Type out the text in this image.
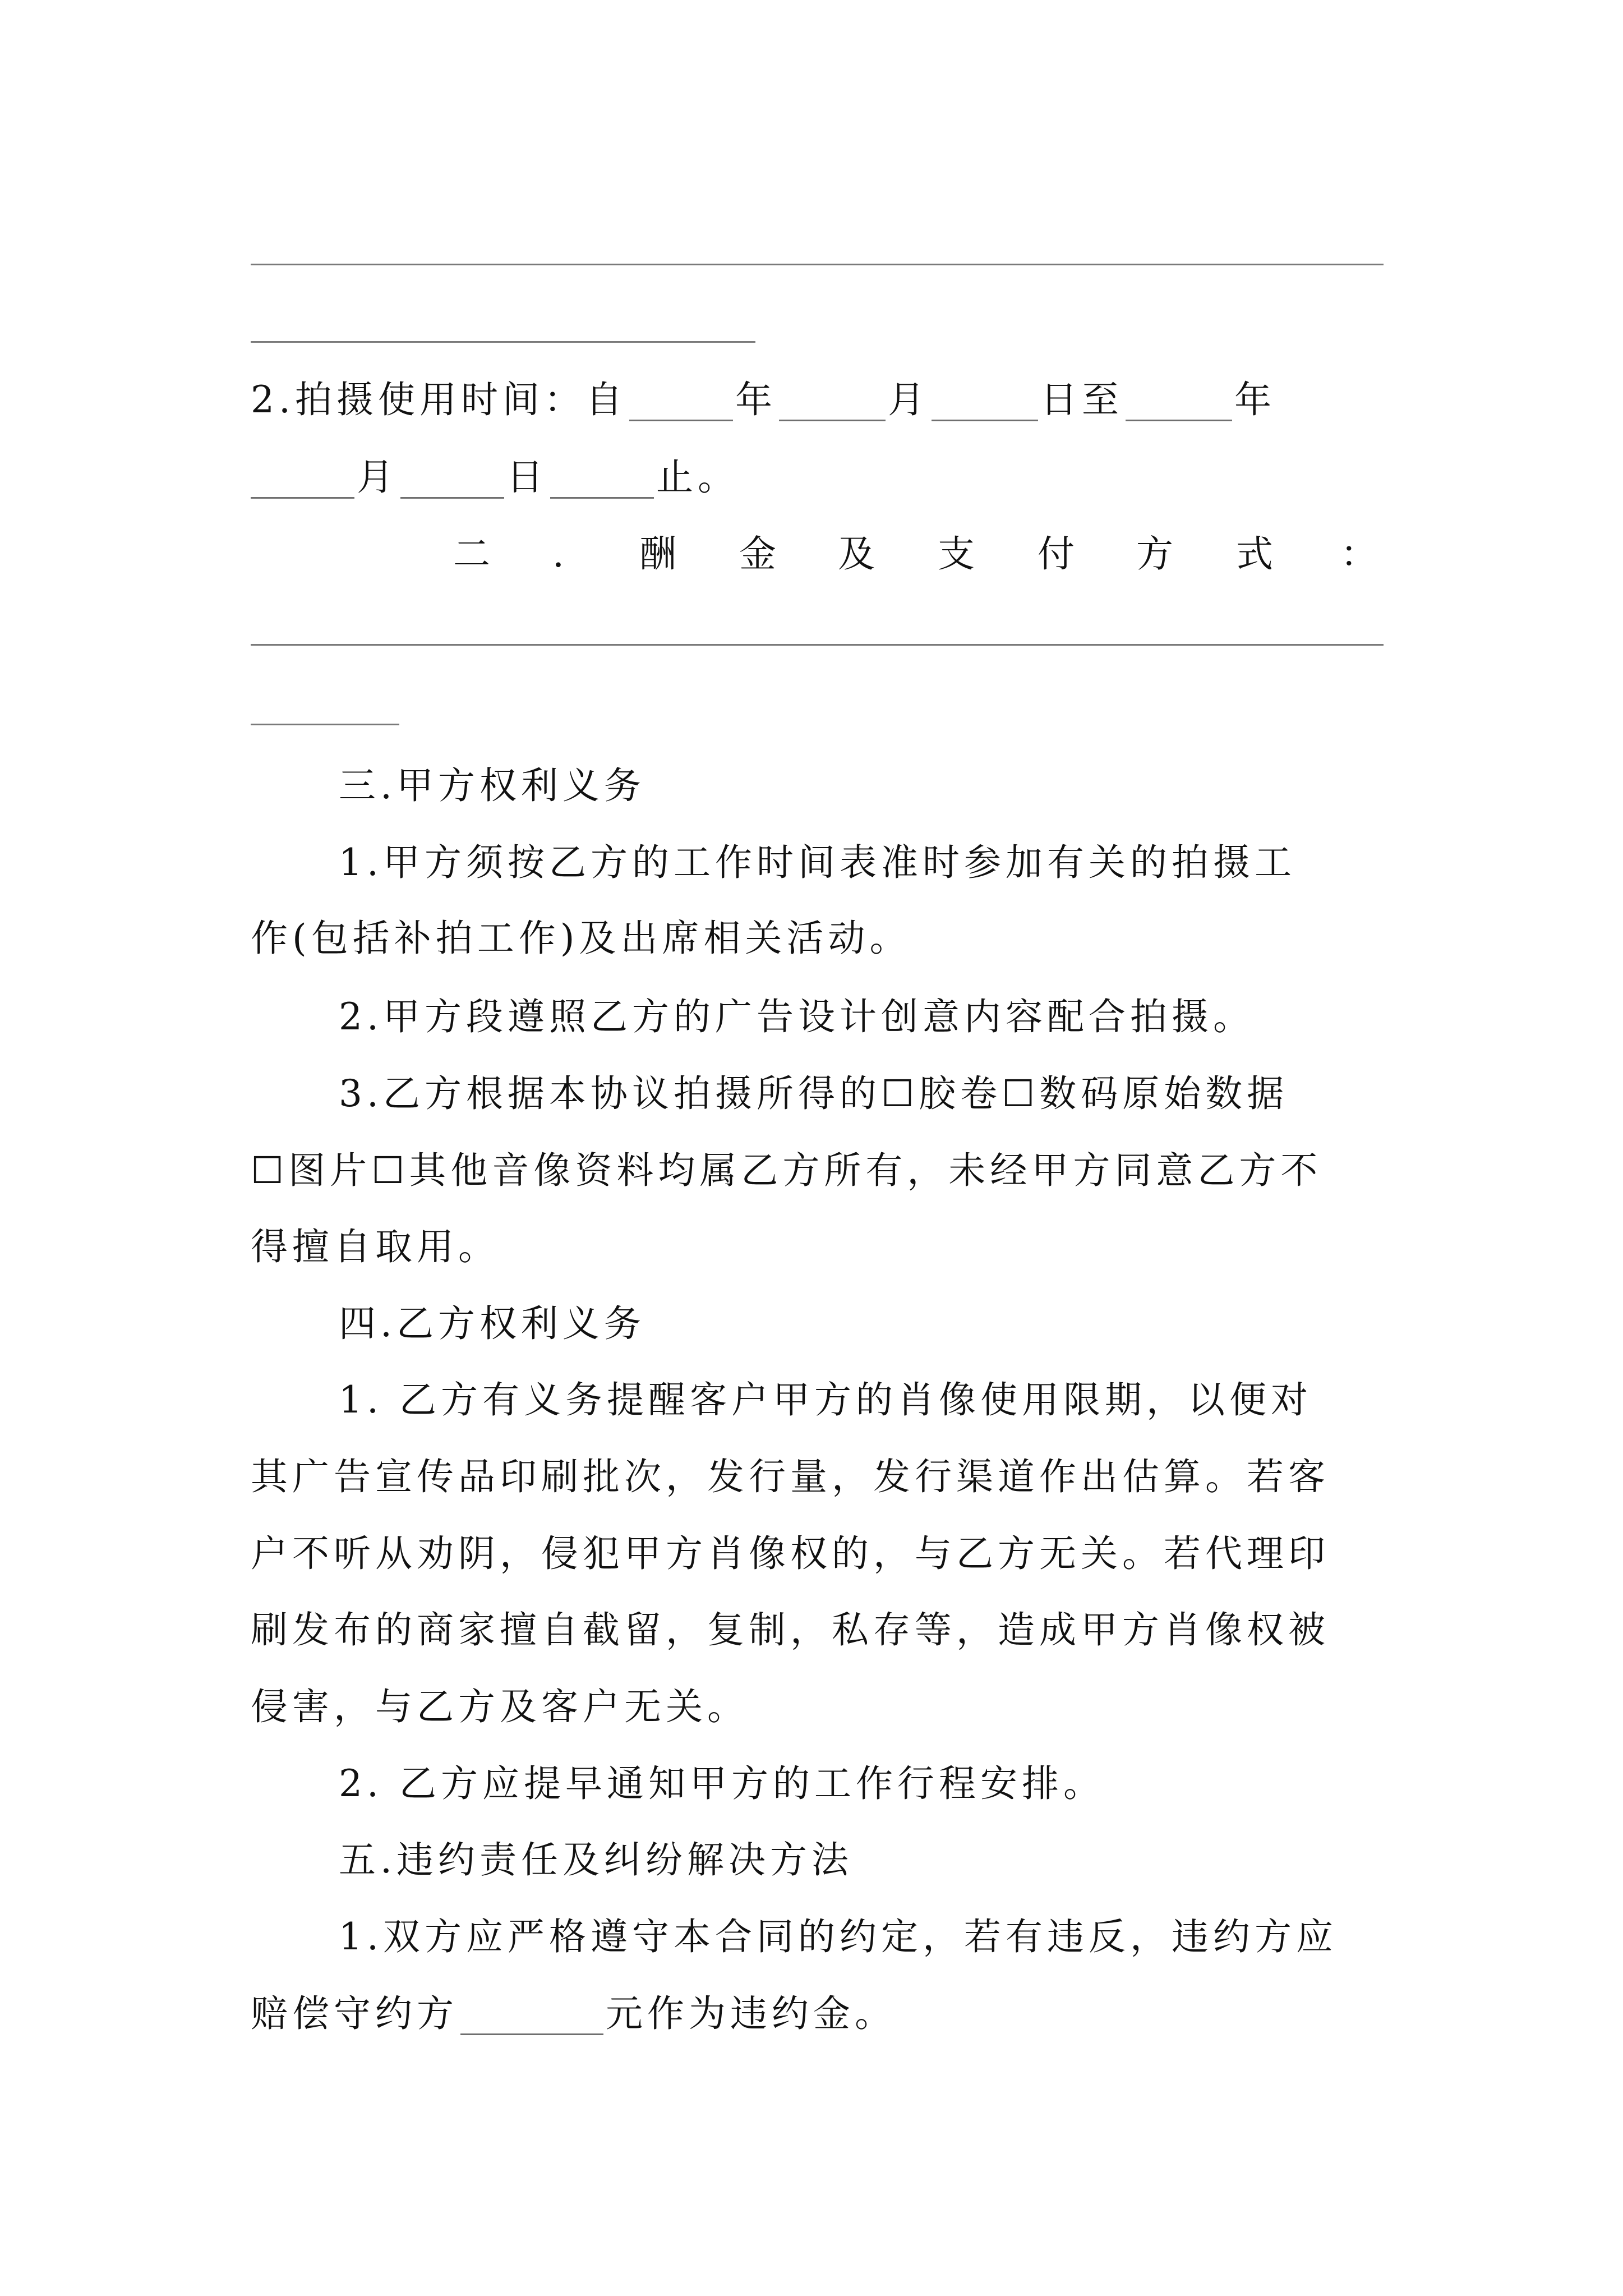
2.拍摄使用时间：自	年	月	日至	年
月	日	止。
二 . 酬 金 及 支 付 方 式 ：
三.甲方权利义务
1.甲方须按乙方的工作时间表准时参加有关的拍摄工
作(包括补拍工作)及出席相关活动。
2.甲方段遵照乙方的广告设计创意内容配合拍摄。
3.乙方根据本协议拍摄所得的☐胶卷☐数码原始数据
☐图片☐其他音像资料均属乙方所有，未经甲方同意乙方不
得擅自取用。
四.乙方权利义务
1. 乙方有义务提醒客户甲方的肖像使用限期，以便对
其广告宣传品印刷批次，发行量，发行渠道作出估算。若客
户不听从劝阴，侵犯甲方肖像权的，与乙方无关。若代理印
刷发布的商家擅自截留，复制，私存等，造成甲方肖像权被
侵害，与乙方及客户无关。
2. 乙方应提早通知甲方的工作行程安排。
五.违约责任及纠纷解决方法
1.双方应严格遵守本合同的约定，若有违反，违约方应
赔偿守约方	元作为违约金。
